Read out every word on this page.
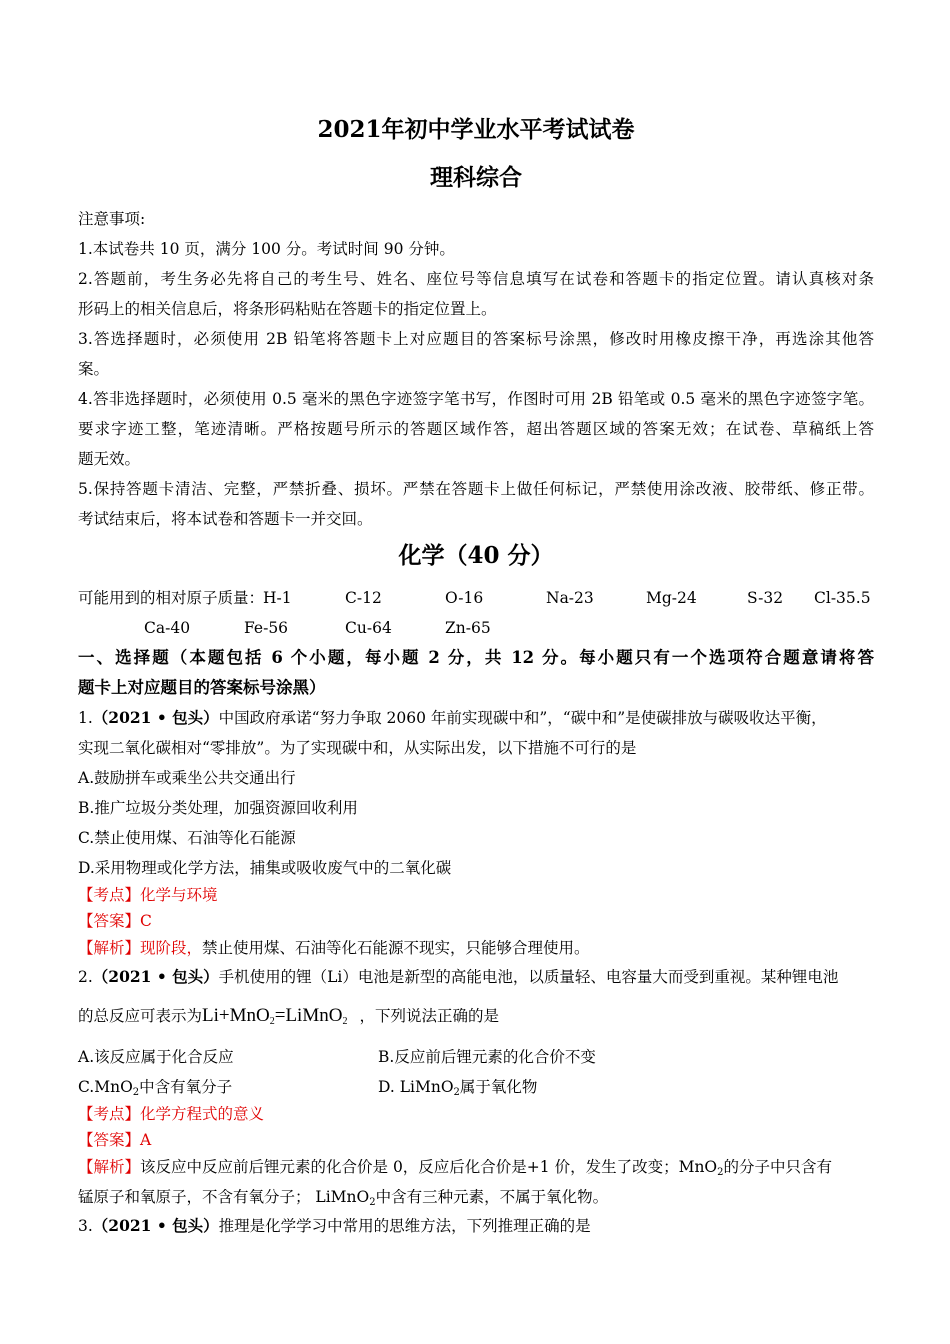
2021年初中学业水平考试试卷
理科综合
注意事项:
1.本试卷共 10 页，满分 100 分。考试时间 90 分钟。
2.答题前，考生务必先将自己的考生号、姓名、座位号等信息填写在试卷和答题卡的指定位置。请认真核对条
形码上的相关信息后，将条形码粘贴在答题卡的指定位置上。
3.答选择题时，必须使用 2B 铅笔将答题卡上对应题目的答案标号涂黑，修改时用橡皮擦干净，再选涂其他答
案。
4.答非选择题时，必须使用 0.5 毫米的黑色字迹签字笔书写，作图时可用 2B 铅笔或 0.5 毫米的黑色字迹签字笔。
要求字迹工整，笔迹清晰。严格按题号所示的答题区域作答，超出答题区域的答案无效；在试卷、草稿纸上答
题无效。
5.保持答题卡清洁、完整，严禁折叠、损坏。严禁在答题卡上做任何标记，严禁使用涂改液、胶带纸、修正带。
考试结束后，将本试卷和答题卡一并交回。
化学（40 分）
可能用到的相对原子质量：
H-1	C-12	O-16	Na-23	Mg-24	S-32 Cl-35.5
Ca-40	Fe-56	Cu-64	Zn-65
一、选择题（本题包括 6 个小题，每小题 2 分，共 12 分。每小题只有一个选项符合题意请将答
题卡上对应题目的答案标号涂黑）
1.（2021 • 包头）中国政府承诺“努力争取 2060 年前实现碳中和”，“碳中和”是使碳排放与碳吸收达平衡，
实现二氧化碳相对“零排放”。为了实现碳中和，从实际出发，以下措施不可行的是
A.鼓励拼车或乘坐公共交通出行
B.推广垃圾分类处理，加强资源回收利用
C.禁止使用煤、石油等化石能源
D.采用物理或化学方法，捕集或吸收废气中的二氧化碳
【考点】化学与环境
【答案】C
【解析】现阶段，禁止使用煤、石油等化石能源不现实，只能够合理使用。
2.（2021 • 包头）手机使用的锂（Li）电池是新型的高能电池，以质量轻、电容量大而受到重视。某种锂电池
的总反应可表示为Li+MnO$_2$=LiMnO$_2$ ，下列说法正确的是
A.该反应属于化合反应	B.反应前后锂元素的化合价不变
C.MnO$_2$中含有氧分子	D. LiMnO$_2$属于氧化物
【考点】化学方程式的意义
【答案】A
【解析】该反应中反应前后锂元素的化合价是 0，反应后化合价是+1 价，发生了改变；MnO$_2$的分子中只含有
锰原子和氧原子，不含有氧分子； LiMnO$_2$中含有三种元素，不属于氧化物。
3.（2021 • 包头）推理是化学学习中常用的思维方法，下列推理正确的是
